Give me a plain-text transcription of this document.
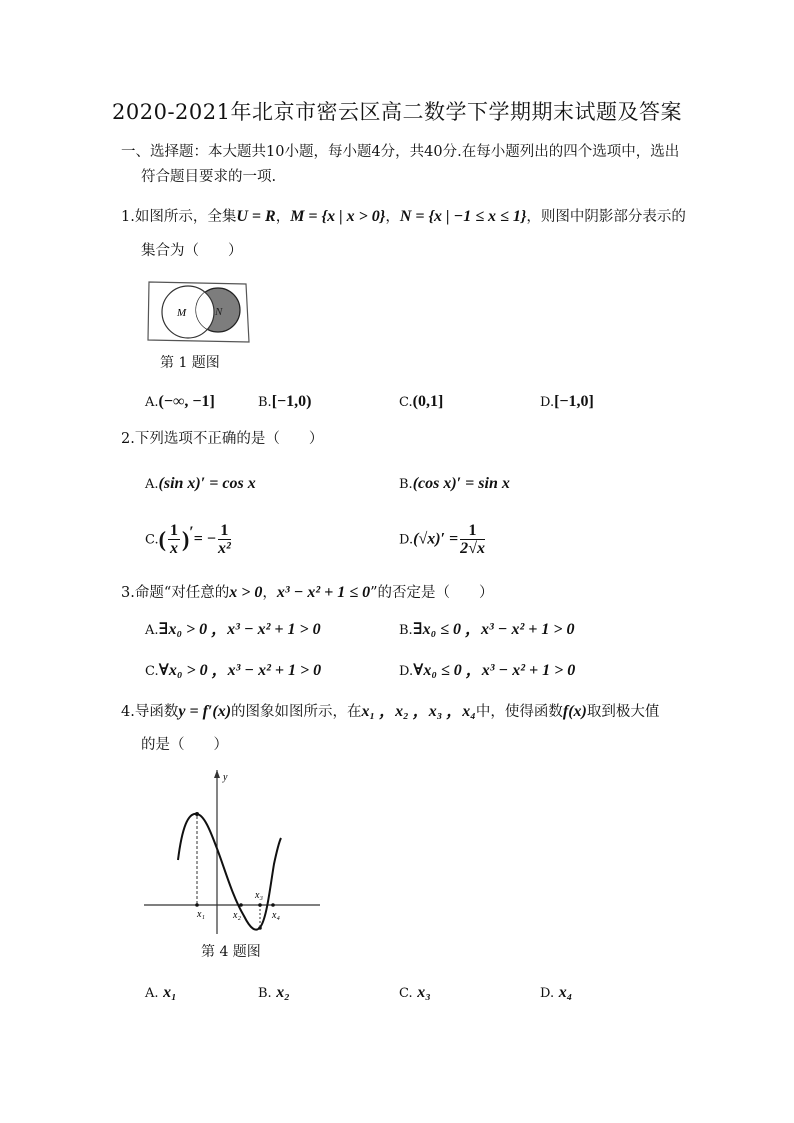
2020-2021年北京市密云区高二数学下学期期末试题及答案
一、选择题：本大题共10小题，每小题4分，共40分.在每小题列出的四个选项中，选出
符合题目要求的一项.
1.如图所示，全集U = R，M = {x | x > 0}，N = {x | −1 ≤ x ≤ 1}，则图中阴影部分表示的
集合为（　　）
M	N
第 1 题图
A.(−∞, −1]	B.[−1,0)	C.(0,1]	D.[−1,0]
2.下列选项不正确的是（　　）
A.(sin x)′ = cos x	B.(cos x)′ = sin x
$C.( \frac{1}{x}$ )′= − $\frac{1}{\text{x²}}$	$D.(√x)' = \frac{1}{2√x}$
3.命题“对任意的x > 0，x³ − x² + 1 ≤ 0”的否定是（　　）
A.∃x₀ > 0 ，x³ − x² + 1 > 0	B.∃x₀ ≤ 0 ，x³ − x² + 1 > 0
C.∀x₀ > 0 ，x³ − x² + 1 > 0	D.∀x₀ ≤ 0 ，x³ − x² + 1 > 0
4.导函数y = f′(x)的图象如图所示，在x₁ ，x₂ ，x₃ ，x₄中，使得函数f(x)取到极大值
的是（　　）
y
x₁	x₂
x₃
x₄
第 4 题图
A. x₁	B. x₂	C. x₃	D. x₄
